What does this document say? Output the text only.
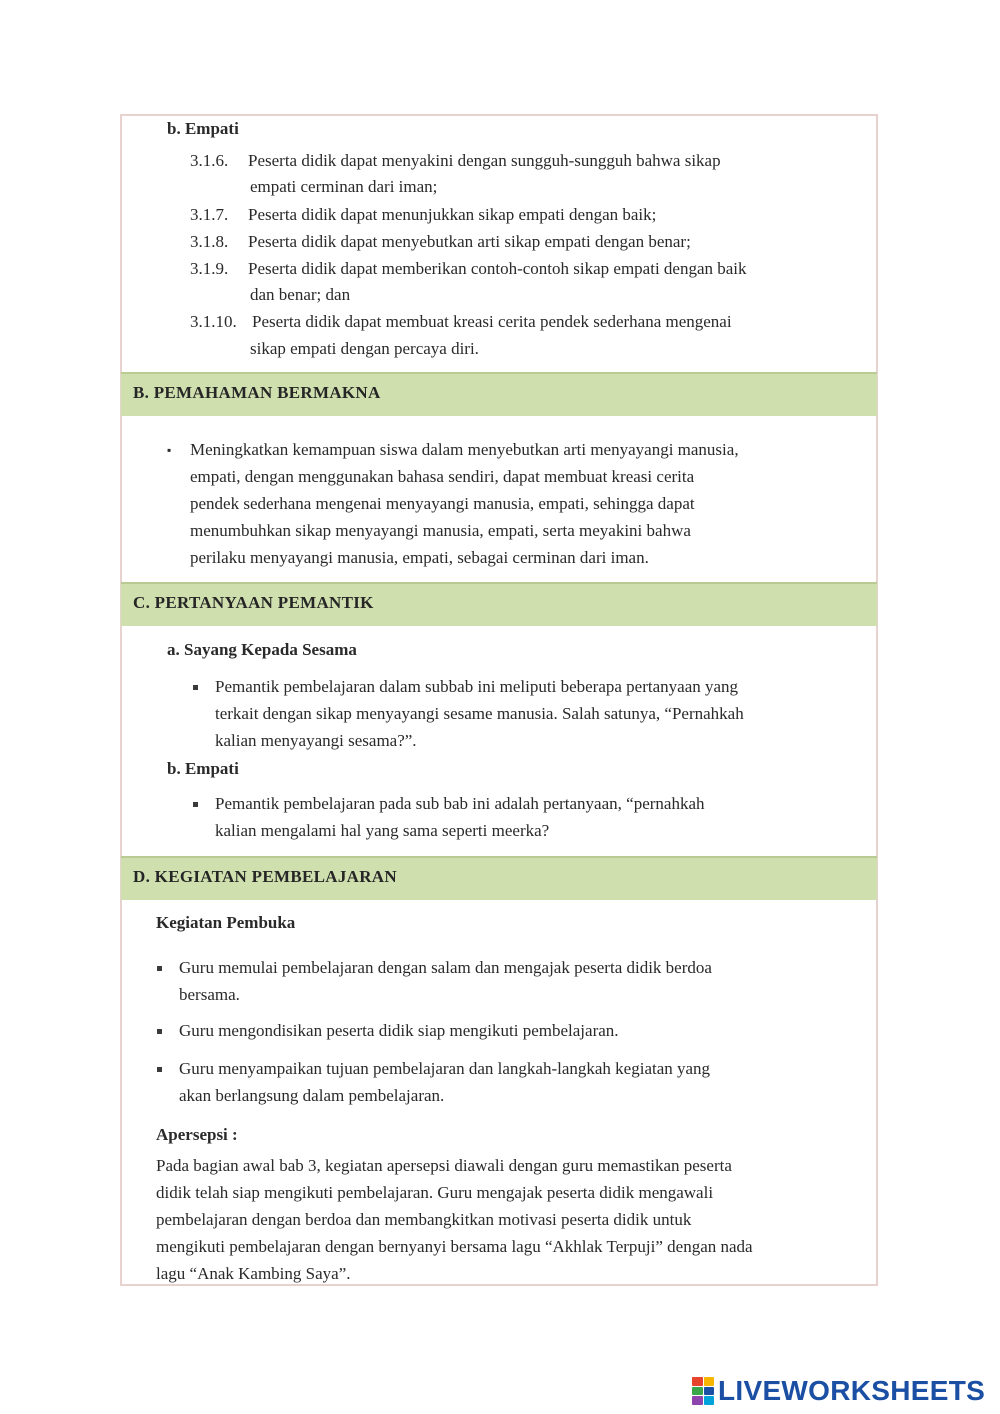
b. Empati
3.1.6. Peserta didik dapat menyakini dengan sungguh-sungguh bahwa sikap
empati cerminan dari iman;
3.1.7. Peserta didik dapat menunjukkan sikap empati dengan baik;
3.1.8. Peserta didik dapat menyebutkan arti sikap empati dengan benar;
3.1.9. Peserta didik dapat memberikan contoh-contoh sikap empati dengan baik
dan benar; dan
3.1.10. Peserta didik dapat membuat kreasi cerita pendek sederhana mengenai
sikap empati dengan percaya diri.
B. PEMAHAMAN BERMAKNA
▪ Meningkatkan kemampuan siswa dalam menyebutkan arti menyayangi manusia,
empati, dengan menggunakan bahasa sendiri, dapat membuat kreasi cerita
pendek sederhana mengenai menyayangi manusia, empati, sehingga dapat
menumbuhkan sikap menyayangi manusia, empati, serta meyakini bahwa
perilaku menyayangi manusia, empati, sebagai cerminan dari iman.
C. PERTANYAAN PEMANTIK
a. Sayang Kepada Sesama
Pemantik pembelajaran dalam subbab ini meliputi beberapa pertanyaan yang
terkait dengan sikap menyayangi sesame manusia. Salah satunya, “Pernahkah
kalian menyayangi sesama?”.
b. Empati
Pemantik pembelajaran pada sub bab ini adalah pertanyaan, “pernahkah
kalian mengalami hal yang sama seperti meerka?
D. KEGIATAN PEMBELAJARAN
Kegiatan Pembuka
Guru memulai pembelajaran dengan salam dan mengajak peserta didik berdoa
bersama.
Guru mengondisikan peserta didik siap mengikuti pembelajaran.
Guru menyampaikan tujuan pembelajaran dan langkah-langkah kegiatan yang
akan berlangsung dalam pembelajaran.
Apersepsi :
Pada bagian awal bab 3, kegiatan apersepsi diawali dengan guru memastikan peserta
didik telah siap mengikuti pembelajaran. Guru mengajak peserta didik mengawali
pembelajaran dengan berdoa dan membangkitkan motivasi peserta didik untuk
mengikuti pembelajaran dengan bernyanyi bersama lagu “Akhlak Terpuji” dengan nada
lagu “Anak Kambing Saya”.
LIVEWORKSHEETS
